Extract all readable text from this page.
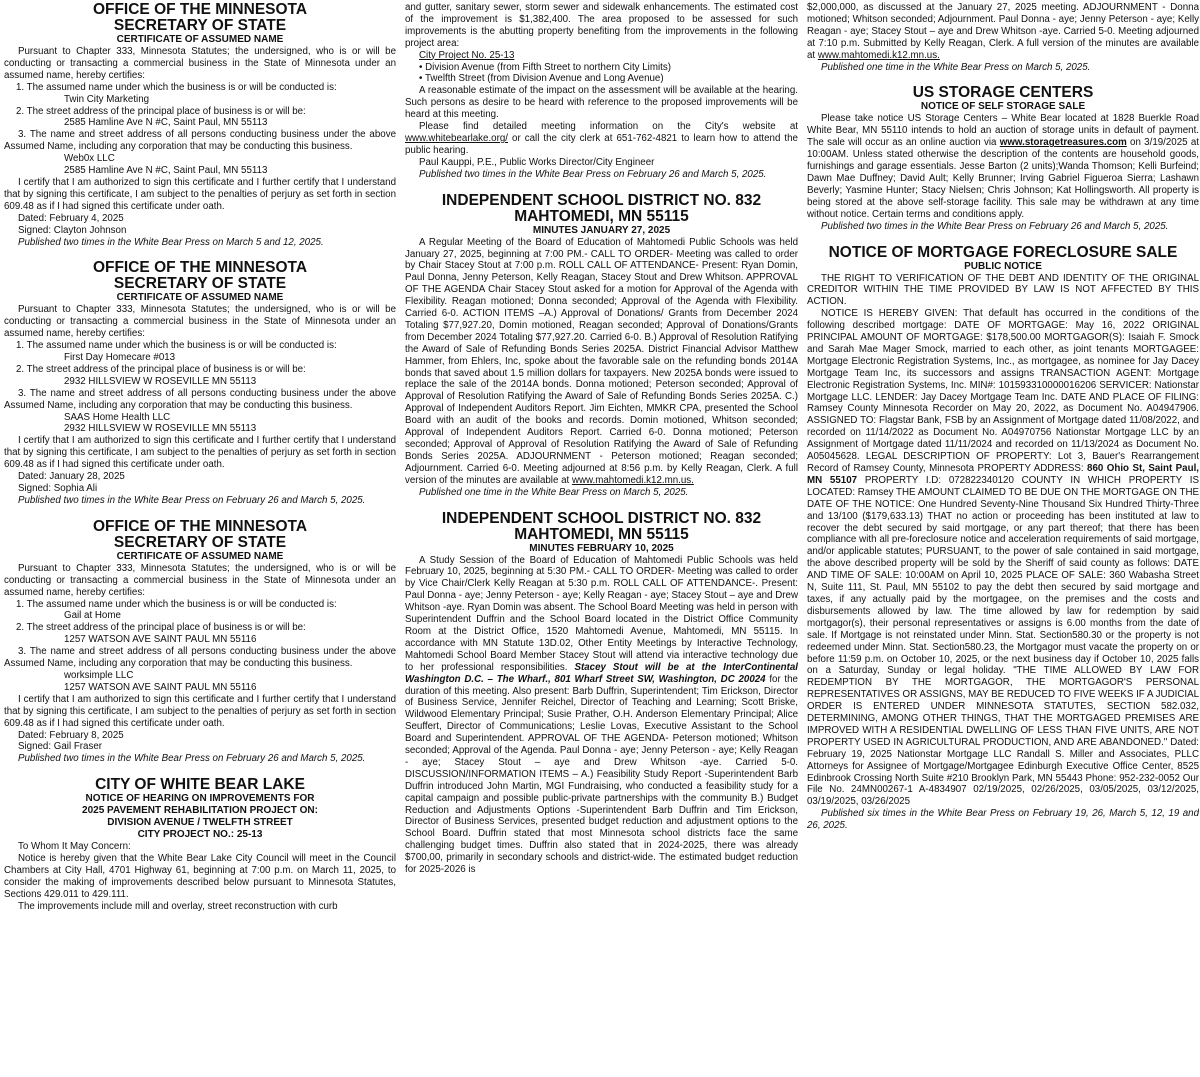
OFFICE OF THE MINNESOTA
SECRETARY OF STATE
CERTIFICATE OF ASSUMED NAME

Pursuant to Chapter 333, Minnesota Statutes; the undersigned, who is or will be conducting or transacting a commercial business in the State of Minnesota under an assumed name, hereby certifies:

1. The assumed name under which the business is or will be conducted is:

Twin City Marketing

2. The street address of the principal place of business is or will be:

2585 Hamline Ave N #C, Saint Paul, MN 55113

3. The name and street address of all persons conducting business under the above Assumed Name, including any corporation that may be conducting this business.

Web0x LLC

2585 Hamline Ave N #C, Saint Paul, MN 55113

I certify that I am authorized to sign this certificate and I further certify that I understand that by signing this certificate, I am subject to the penalties of perjury as set forth in section 609.48 as if I had signed this certificate under oath.

Dated: February 4, 2025

Signed: Clayton Johnson

Published two times in the White Bear Press on March 5 and 12, 2025.

OFFICE OF THE MINNESOTA
SECRETARY OF STATE
CERTIFICATE OF ASSUMED NAME

Pursuant to Chapter 333, Minnesota Statutes; the undersigned, who is or will be conducting or transacting a commercial business in the State of Minnesota under an assumed name, hereby certifies:

1. The assumed name under which the business is or will be conducted is:

First Day Homecare #013

2. The street address of the principal place of business is or will be:

2932 HILLSVIEW W ROSEVILLE MN 55113

3. The name and street address of all persons conducting business under the above Assumed Name, including any corporation that may be conducting this business.

SAAS Home Health LLC

2932 HILLSVIEW W ROSEVILLE MN 55113

I certify that I am authorized to sign this certificate and I further certify that I understand that by signing this certificate, I am subject to the penalties of perjury as set forth in section 609.48 as if I had signed this certificate under oath.

Dated: January 28, 2025

Signed: Sophia Ali

Published two times in the White Bear Press on February 26 and March 5, 2025.

OFFICE OF THE MINNESOTA
SECRETARY OF STATE
CERTIFICATE OF ASSUMED NAME

Pursuant to Chapter 333, Minnesota Statutes; the undersigned, who is or will be conducting or transacting a commercial business in the State of Minnesota under an assumed name, hereby certifies:

1. The assumed name under which the business is or will be conducted is:

Gail at Home

2. The street address of the principal place of business is or will be:

1257 WATSON AVE SAINT PAUL MN 55116

3. The name and street address of all persons conducting business under the above Assumed Name, including any corporation that may be conducting this business.

worksimple LLC

1257 WATSON AVE SAINT PAUL MN 55116

I certify that I am authorized to sign this certificate and I further certify that I understand that by signing this certificate, I am subject to the penalties of perjury as set forth in section 609.48 as if I had signed this certificate under oath.

Dated: February 8, 2025

Signed: Gail Fraser

Published two times in the White Bear Press on February 26 and March 5, 2025.

CITY OF WHITE BEAR LAKE
NOTICE OF HEARING ON IMPROVEMENTS FOR
2025 PAVEMENT REHABILITATION PROJECT ON:
DIVISION AVENUE / TWELFTH STREET
CITY PROJECT NO.: 25-13

To Whom It May Concern:

Notice is hereby given that the White Bear Lake City Council will meet in the Council Chambers at City Hall, 4701 Highway 61, beginning at 7:00 p.m. on March 11, 2025, to consider the making of improvements described below pursuant to Minnesota Statutes, Sections 429.011 to 429.111.

The improvements include mill and overlay, street reconstruction with curb

and gutter, sanitary sewer, storm sewer and sidewalk enhancements. The estimated cost of the improvement is $1,382,400. The area proposed to be assessed for such improvements is the abutting property benefiting from the improvements in the following project area:

City Project No. 25-13

• Division Avenue (from Fifth Street to northern City Limits)

• Twelfth Street (from Division Avenue and Long Avenue)

A reasonable estimate of the impact on the assessment will be available at the hearing. Such persons as desire to be heard with reference to the proposed improvements will be heard at this meeting.

Please find detailed meeting information on the City's website at www.whitebearlake.org/ or call the city clerk at 651-762-4821 to learn how to attend the public hearing.

Paul Kauppi, P.E., Public Works Director/City Engineer

Published two times in the White Bear Press on February 26 and March 5, 2025.

INDEPENDENT SCHOOL DISTRICT NO. 832
MAHTOMEDI, MN 55115
MINUTES JANUARY 27, 2025

A Regular Meeting of the Board of Education of Mahtomedi Public Schools was held January 27, 2025, beginning at 7:00 PM.- CALL TO ORDER- Meeting was called to order by Chair Stacey Stout at 7:00 p.m. ROLL CALL OF ATTENDANCE- Present: Ryan Domin, Paul Donna, Jenny Peterson, Kelly Reagan, Stacey Stout and Drew Whitson. APPROVAL OF THE AGENDA Chair Stacey Stout asked for a motion for Approval of the Agenda with Flexibility. Reagan motioned; Donna seconded; Approval of the Agenda with Flexibility. Carried 6-0. ACTION ITEMS –A.) Approval of Donations/ Grants from December 2024 Totaling $77,927.20, Domin motioned, Reagan seconded; Approval of Donations/Grants from December 2024 Totaling $77,927.20. Carried 6-0. B.) Approval of Resolution Ratifying the Award of Sale of Refunding Bonds Series 2025A. District Financial Advisor Matthew Hammer, from Ehlers, Inc, spoke about the favorable sale on the refunding bonds 2014A bonds that saved about 1.5 million dollars for taxpayers. New 2025A bonds were issued to replace the sale of the 2014A bonds. Donna motioned; Peterson seconded; Approval of Approval of Resolution Ratifying the Award of Sale of Refunding Bonds Series 2025A. C.) Approval of Independent Auditors Report. Jim Eichten, MMKR CPA, presented the School Board with an audit of the books and records. Domin motioned, Whitson seconded; Approval of Independent Auditors Report. Carried 6-0. Donna motioned; Peterson seconded; Approval of Approval of Resolution Ratifying the Award of Sale of Refunding Bonds Series 2025A. ADJOURNMENT - Peterson motioned; Reagan seconded; Adjournment. Carried 6-0. Meeting adjourned at 8:56 p.m. by Kelly Reagan, Clerk. A full version of the minutes are available at www.mahtomedi.k12.mn.us.

Published one time in the White Bear Press on March 5, 2025.

INDEPENDENT SCHOOL DISTRICT NO. 832
MAHTOMEDI, MN 55115
MINUTES FEBRUARY 10, 2025

A Study Session of the Board of Education of Mahtomedi Public Schools was held February 10, 2025, beginning at 5:30 PM.- CALL TO ORDER- Meeting was called to order by Vice Chair/Clerk Kelly Reagan at 5:30 p.m. ROLL CALL OF ATTENDANCE-. Present: Paul Donna - aye; Jenny Peterson - aye; Kelly Reagan - aye; Stacey Stout – aye and Drew Whitson -aye. Ryan Domin was absent. The School Board Meeting was held in person with Superintendent Duffrin and the School Board located in the District Office Community Room at the District Office, 1520 Mahtomedi Avenue, Mahtomedi, MN 55115. In accordance with MN Statute 13D.02, Other Entity Meetings by Interactive Technology, Mahtomedi School Board Member Stacey Stout will attend via interactive technology due to her professional responsibilities. Stacey Stout will be at the InterContinental Washington D.C. – The Wharf., 801 Wharf Street SW, Washington, DC 20024 for the duration of this meeting. Also present: Barb Duffrin, Superintendent; Tim Erickson, Director of Business Service, Jennifer Reichel, Director of Teaching and Learning; Scott Briske, Wildwood Elementary Principal; Susie Prather, O.H. Anderson Elementary Principal; Alice Seuffert, Director of Communications; Leslie Lovas, Executive Assistant to the School Board and Superintendent. APPROVAL OF THE AGENDA- Peterson motioned; Whitson seconded; Approval of the Agenda. Paul Donna - aye; Jenny Peterson - aye; Kelly Reagan - aye; Stacey Stout – aye and Drew Whitson -aye. Carried 5-0. DISCUSSION/INFORMATION ITEMS – A.) Feasibility Study Report -Superintendent Barb Duffrin introduced John Martin, MGI Fundraising, who conducted a feasibility study for a capital campaign and possible public-private partnerships with the community B.) Budget Reduction and Adjustments Options -Superintendent Barb Duffrin and Tim Erickson, Director of Business Services, presented budget reduction and adjustment options to the School Board. Duffrin stated that most Minnesota school districts face the same challenging budget times. Duffrin also stated that in 2024-2025, there was already $700,00, primarily in secondary schools and district-wide. The estimated budget reduction for 2025-2026 is

$2,000,000, as discussed at the January 27, 2025 meeting. ADJOURNMENT - Donna motioned; Whitson seconded; Adjournment. Paul Donna - aye; Jenny Peterson - aye; Kelly Reagan - aye; Stacey Stout – aye and Drew Whitson -aye. Carried 5-0. Meeting adjourned at 7:10 p.m. Submitted by Kelly Reagan, Clerk. A full version of the minutes are available at www.mahtomedi.k12.mn.us.

Published one time in the White Bear Press on March 5, 2025.

US STORAGE CENTERS
NOTICE OF SELF STORAGE SALE

Please take notice US Storage Centers – White Bear located at 1828 Buerkle Road White Bear, MN 55110 intends to hold an auction of storage units in default of payment. The sale will occur as an online auction via www.storagetreasures.com on 3/19/2025 at 10:00AM. Unless stated otherwise the description of the contents are household goods, furnishings and garage essentials. Jesse Barton (2 units);Wanda Thomson; Kelli Burfeind; Dawn Mae Duffney; David Ault; Kelly Brunner; Irving Gabriel Figueroa Sierra; Lashawn Beverly; Yasmine Hunter; Stacy Nielsen; Chris Johnson; Kat Hollingsworth. All property is being stored at the above self-storage facility. This sale may be withdrawn at any time without notice. Certain terms and conditions apply.

Published two times in the White Bear Press on February 26 and March 5, 2025.

NOTICE OF MORTGAGE FORECLOSURE SALE
PUBLIC NOTICE

THE RIGHT TO VERIFICATION OF THE DEBT AND IDENTITY OF THE ORIGINAL CREDITOR WITHIN THE TIME PROVIDED BY LAW IS NOT AFFECTED BY THIS ACTION.

NOTICE IS HEREBY GIVEN: That default has occurred in the conditions of the following described mortgage: DATE OF MORTGAGE: May 16, 2022 ORIGINAL PRINCIPAL AMOUNT OF MORTGAGE: $178,500.00 MORTGAGOR(S): Isaiah F. Smock and Sarah Mae Mager Smock, married to each other, as joint tenants MORTGAGEE: Mortgage Electronic Registration Systems, Inc., as mortgagee, as nominee for Jay Dacey Mortgage Team Inc, its successors and assigns TRANSACTION AGENT: Mortgage Electronic Registration Systems, Inc. MIN#: 101593310000016206 SERVICER: Nationstar Mortgage LLC. LENDER: Jay Dacey Mortgage Team Inc. DATE AND PLACE OF FILING: Ramsey County Minnesota Recorder on May 20, 2022, as Document No. A04947906. ASSIGNED TO: Flagstar Bank, FSB by an Assignment of Mortgage dated 11/08/2022, and recorded on 11/14/2022 as Document No. A04970756 Nationstar Mortgage LLC by an Assignment of Mortgage dated 11/11/2024 and recorded on 11/13/2024 as Document No. A05045628. LEGAL DESCRIPTION OF PROPERTY: Lot 3, Bauer's Rearrangement Record of Ramsey County, Minnesota PROPERTY ADDRESS: 860 Ohio St, Saint Paul, MN 55107 PROPERTY I.D: 072822340120 COUNTY IN WHICH PROPERTY IS LOCATED: Ramsey THE AMOUNT CLAIMED TO BE DUE ON THE MORTGAGE ON THE DATE OF THE NOTICE: One Hundred Seventy-Nine Thousand Six Hundred Thirty-Three and 13/100 ($179,633.13) THAT no action or proceeding has been instituted at law to recover the debt secured by said mortgage, or any part thereof; that there has been compliance with all pre-foreclosure notice and acceleration requirements of said mortgage, and/or applicable statutes; PURSUANT, to the power of sale contained in said mortgage, the above described property will be sold by the Sheriff of said county as follows: DATE AND TIME OF SALE: 10:00AM on April 10, 2025 PLACE OF SALE: 360 Wabasha Street N, Suite 111, St. Paul, MN 55102 to pay the debt then secured by said mortgage and taxes, if any actually paid by the mortgagee, on the premises and the costs and disbursements allowed by law. The time allowed by law for redemption by said mortgagor(s), their personal representatives or assigns is 6.00 months from the date of sale. If Mortgage is not reinstated under Minn. Stat. Section580.30 or the property is not redeemed under Minn. Stat. Section580.23, the Mortgagor must vacate the property on or before 11:59 p.m. on October 10, 2025, or the next business day if October 10, 2025 falls on a Saturday, Sunday or legal holiday. "THE TIME ALLOWED BY LAW FOR REDEMPTION BY THE MORTGAGOR, THE MORTGAGOR'S PERSONAL REPRESENTATIVES OR ASSIGNS, MAY BE REDUCED TO FIVE WEEKS IF A JUDICIAL ORDER IS ENTERED UNDER MINNESOTA STATUTES, SECTION 582.032, DETERMINING, AMONG OTHER THINGS, THAT THE MORTGAGED PREMISES ARE IMPROVED WITH A RESIDENTIAL DWELLING OF LESS THAN FIVE UNITS, ARE NOT PROPERTY USED IN AGRICULTURAL PRODUCTION, AND ARE ABANDONED." Dated: February 19, 2025 Nationstar Mortgage LLC Randall S. Miller and Associates, PLLC Attorneys for Assignee of Mortgage/Mortgagee Edinburgh Executive Office Center, 8525 Edinbrook Crossing North Suite #210 Brooklyn Park, MN 55443 Phone: 952-232-0052 Our File No. 24MN00267-1 A-4834907 02/19/2025, 02/26/2025, 03/05/2025, 03/12/2025, 03/19/2025, 03/26/2025

Published six times in the White Bear Press on February 19, 26, March 5, 12, 19 and 26, 2025.
